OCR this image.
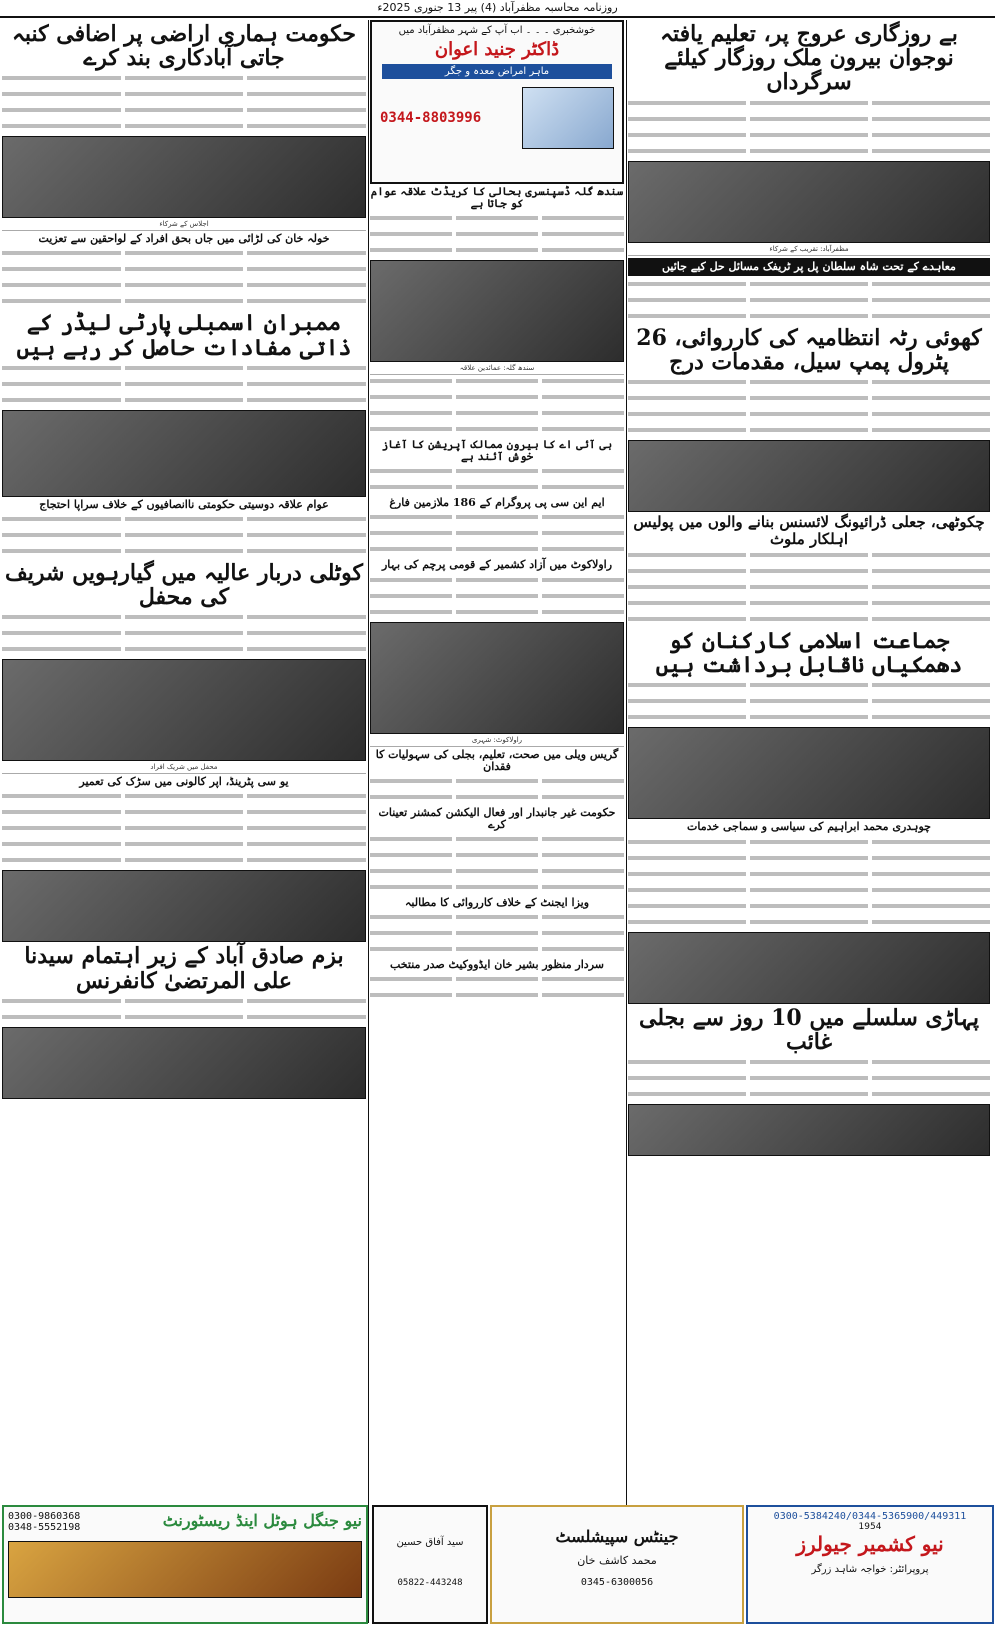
روزنامہ محاسبہ مظفرآباد (4) پیر 13 جنوری 2025ء
بے روزگاری عروج پر، تعلیم یافتہ نوجوان بیرون ملک روزگار کیلئے سرگرداں
مظفرآباد: تقریب کے شرکاء
معاہدے کے تحت شاہ سلطان پل پر ٹریفک مسائل حل کیے جائیں
کھوئی رٹہ انتظامیہ کی کارروائی، 26 پٹرول پمپ سیل، مقدمات درج
چکوٹھی، جعلی ڈرائیونگ لائسنس بنانے والوں میں پولیس اہلکار ملوث
جماعت اسلامی کارکنان کو دھمکیاں ناقابل برداشت ہیں
چوہدری محمد ابراہیم کی سیاسی و سماجی خدمات
پہاڑی سلسلے میں 10 روز سے بجلی غائب
خوشخبری ۔ ۔ ۔ اب آپ کے شہر مظفرآباد میں
ڈاکٹر جنید اعوان
ماہر امراض معدہ و جگر
0344-8803996
سندھ گلہ ڈسپنسری بحالی کا کریڈٹ علاقہ عوام کو جاتا ہے
سندھ گلہ: عمائدین علاقہ
بی آئی اے کا بیرون ممالک آپریشن کا آغاز خوش آئند ہے
ایم این سی پی پروگرام کے 186 ملازمین فارغ
راولاکوٹ میں آزاد کشمیر کے قومی پرچم کی بہار
راولاکوٹ: شہری
گریس ویلی میں صحت، تعلیم، بجلی کی سہولیات کا فقدان
حکومت غیر جانبدار اور فعال الیکشن کمشنر تعینات کرے
ویزا ایجنٹ کے خلاف کارروائی کا مطالبہ
سردار منظور بشیر خان ایڈووکیٹ صدر منتخب
حکومت ہماری اراضی پر اضافی کنبہ جاتی آبادکاری بند کرے
اجلاس کے شرکاء
خولہ خان کی لڑائی میں جاں بحق افراد کے لواحقین سے تعزیت
ممبران اسمبلی پارٹی لیڈر کے ذاتی مفادات حاصل کر رہے ہیں
عوام علاقہ دوسیتی حکومتی ناانصافیوں کے خلاف سراپا احتجاج
کوٹلی دربار عالیہ میں گیارہویں شریف کی محفل
محفل میں شریک افراد
یو سی پٹرینڈ، اپر کالونی میں سڑک کی تعمیر
بزم صادق آباد کے زیر اہتمام سیدنا علی المرتضیٰ کانفرنس
0300-5384240/0344-5365900/449311
1954
نیو کشمیر جیولرز
پروپرائٹر: خواجہ شاہد زرگر
جینٹس سپیشلسٹ
محمد کاشف خان
0345-6300056
سید آفاق حسین
05822-443248
نیو جنگل ہوٹل اینڈ ریسٹورنٹ
0300-9860368
0348-5552198
